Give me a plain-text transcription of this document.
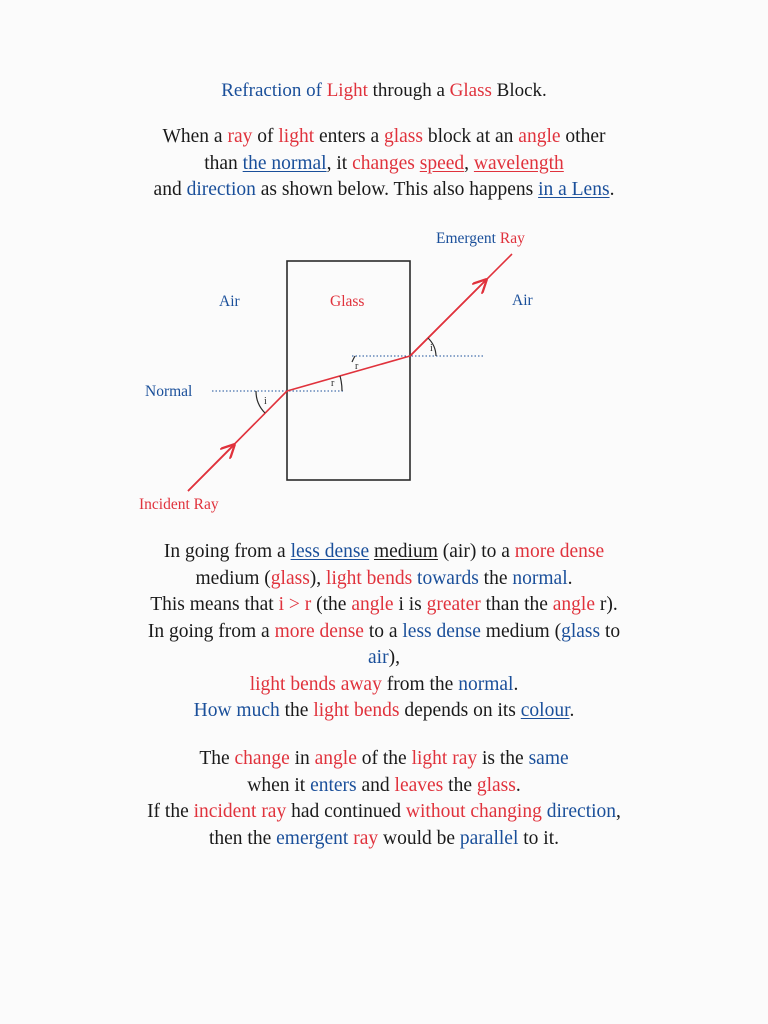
Refraction of Light through a Glass Block.
When a ray of light enters a glass block at an angle other
than the normal, it changes speed, wavelength
and direction as shown below. This also happens in a Lens.
Emergent Ray
Air	Glass	Air
Normal
Incident Ray
i
r
r
i
In going from a less dense medium (air) to a more dense
medium (glass), light bends towards the normal.
This means that i > r (the angle i is greater than the angle r).
In going from a more dense to a less dense medium (glass to
air),
light bends away from the normal.
How much the light bends depends on its colour.
The change in angle of the light ray is the same
when it enters and leaves the glass.
If the incident ray had continued without changing direction,
then the emergent ray would be parallel to it.
